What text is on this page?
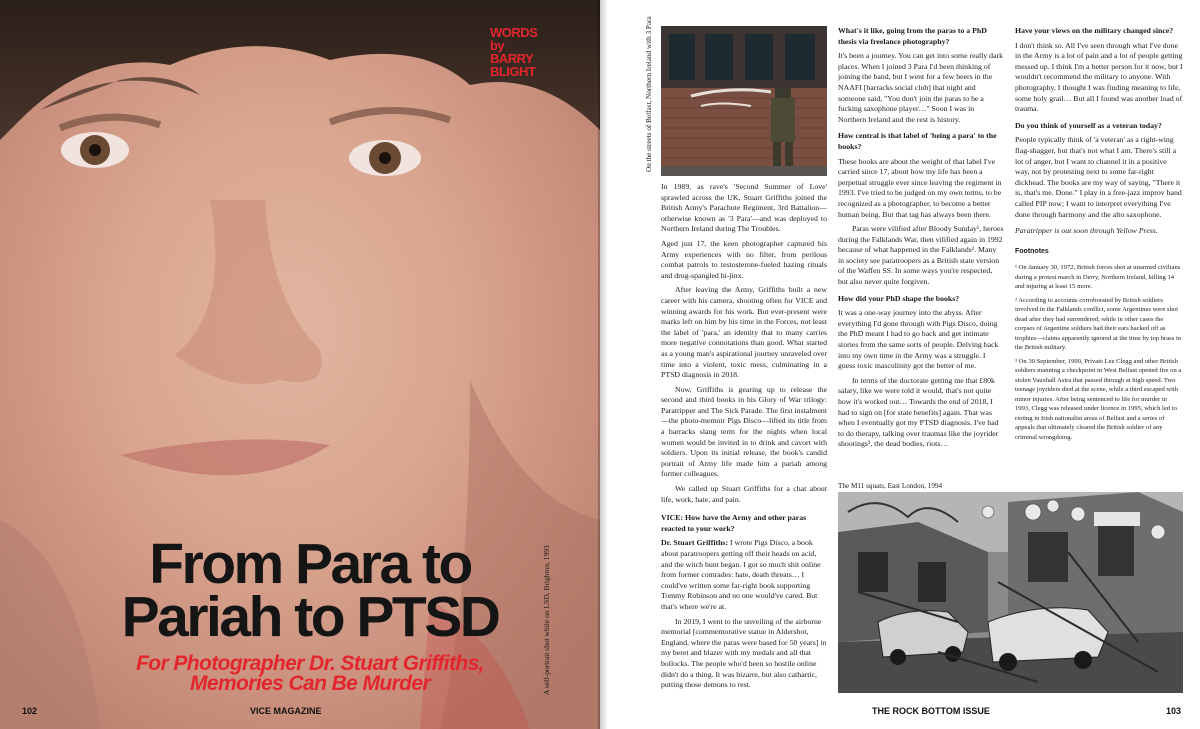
WORDS
by
BARRY
BLIGHT
From Para to
Pariah to PTSD
For Photographer Dr. Stuart Griffiths,
Memories Can Be Murder	A self-portrait shot while on LSD, Brighton, 1993
102	VICE MAGAZINE
On the streets of Belfast, Northern Ireland with 3 Para

In 1989, as rave's 'Second Summer of Love' sprawled across the UK, Stuart Griffiths joined the British Army's Parachute Regiment, 3rd Battalion—otherwise known as '3 Para'—and was deployed to Northern Ireland during The Troubles.

Aged just 17, the keen photographer captured his Army experiences with no filter, from perilous combat patrols to testosterone-fueled hazing rituals and drug-spangled hi-jinx.

After leaving the Army, Griffiths built a new career with his camera, shooting often for VICE and winning awards for his work. But ever-present were marks left on him by his time in the Forces, not least the label of 'para,' an identity that to many carries more negative connotations than good. What started as a young man's aspirational journey unraveled over time into a violent, toxic mess, culminating in a PTSD diagnosis in 2018.

Now, Griffiths is gearing up to release the second and third books in his Glory of War trilogy: Paratripper and The Sick Parade. The first instalment—the photo-memoir Pigs Disco—lifted its title from a barracks slang term for the nights when local women would be invited in to drink and cavort with soldiers. Upon its initial release, the book's candid portrait of Army life made him a pariah among former colleagues.

We called up Stuart Griffiths for a chat about life, work, hate, and pain.

VICE: How have the Army and other paras reacted to your work?

Dr. Stuart Griffiths: I wrote Pigs Disco, a book about paratroopers getting off their heads on acid, and the witch hunt began. I got so much shit online from former comrades: hate, death threats… I could've written some far-right book supporting Tommy Robinson and no one would've cared. But that's where we're at.

In 2019, I went to the unveiling of the airborne memorial [commemorative statue in Aldershot, England, where the paras were based for 50 years] in my beret and blazer with my medals and all that bollocks. The people who'd been so hostile online didn't do a thing. It was bizarre, but also cathartic, putting those demons to rest.

What's it like, going from the paras to a PhD thesis via freelance photography?

It's been a journey. You can get into some really dark places. When I joined 3 Para I'd been thinking of joining the band, but I went for a few beers in the NAAFI [barracks social club] that night and someone said, "You don't join the paras to be a fucking saxophone player…" Soon I was in Northern Ireland and the rest is history.

How central is that label of 'being a para' to the books?

These books are about the weight of that label I've carried since 17, about how my life has been a perpetual struggle ever since leaving the regiment in 1993. I've tried to be judged on my own terms, to be recognized as a photographer, to become a better human being. But that tag has always been there.

Paras were vilified after Bloody Sunday¹, heroes during the Falklands War, then vilified again in 1992 because of what happened in the Falklands². Many in society see paratroopers as a British state version of the Waffen SS. In some ways you're respected, but also never quite forgiven.

How did your PhD shape the books?

It was a one-way journey into the abyss. After everything I'd gone through with Pigs Disco, doing the PhD meant I had to go back and get intimate stories from the same sorts of people. Delving back into my own time in the Army was a struggle. I guess toxic masculinity got the better of me.

In terms of the doctorate getting me that £80k salary, like we were told it would, that's not quite how it's worked out… Towards the end of 2018, I had to sign on [for state benefits] again. That was when I eventually got my PTSD diagnosis. I've had to do therapy, talking over traumas like the joyrider shootings³, the dead bodies, riots…

Have your views on the military changed since?

I don't think so. All I've seen through what I've done in the Army is a lot of pain and a lot of people getting messed up. I think I'm a better person for it now, but I wouldn't recommend the military to anyone. With photography, I thought I was finding meaning to life, some holy grail… But all I found was another load of trauma.

Do you think of yourself as a veteran today?

People typically think of 'a veteran' as a right-wing flag-shagger, but that's not what I am. There's still a lot of anger, but I want to channel it in a positive way, not by protesting next to some far-right dickhead. The books are my way of saying, "There it is, that's me. Done." I play in a free-jazz improv band called PIP now; I want to interpret everything I've done through harmony and the alto saxophone.

Paratripper is out soon through Yellow Press.

Footnotes

¹ On January 30, 1972, British forces shot at unarmed civilians during a protest march in Derry, Northern Ireland, killing 14 and injuring at least 15 more.

² According to accounts corroborated by British soldiers involved in the Falklands conflict, some Argentines were shot dead after they had surrendered, while in other cases the corpses of Argentine soldiers had their ears hacked off as trophies—claims apparently ignored at the time by top brass in the British military.

³ On 30 September, 1990, Private Lee Clegg and other British soldiers manning a checkpoint in West Belfast opened fire on a stolen Vauxhall Astra that passed through at high speed. Two teenage joyriders died at the scene, while a third escaped with minor injuries. After being sentenced to life for murder in 1993, Clegg was released under licence in 1995, which led to rioting in Irish nationalist areas of Belfast and a series of appeals that ultimately cleared the British soldier of any criminal wrongdoing.

The M11 squats, East London, 1994
THE ROCK BOTTOM ISSUE	103
